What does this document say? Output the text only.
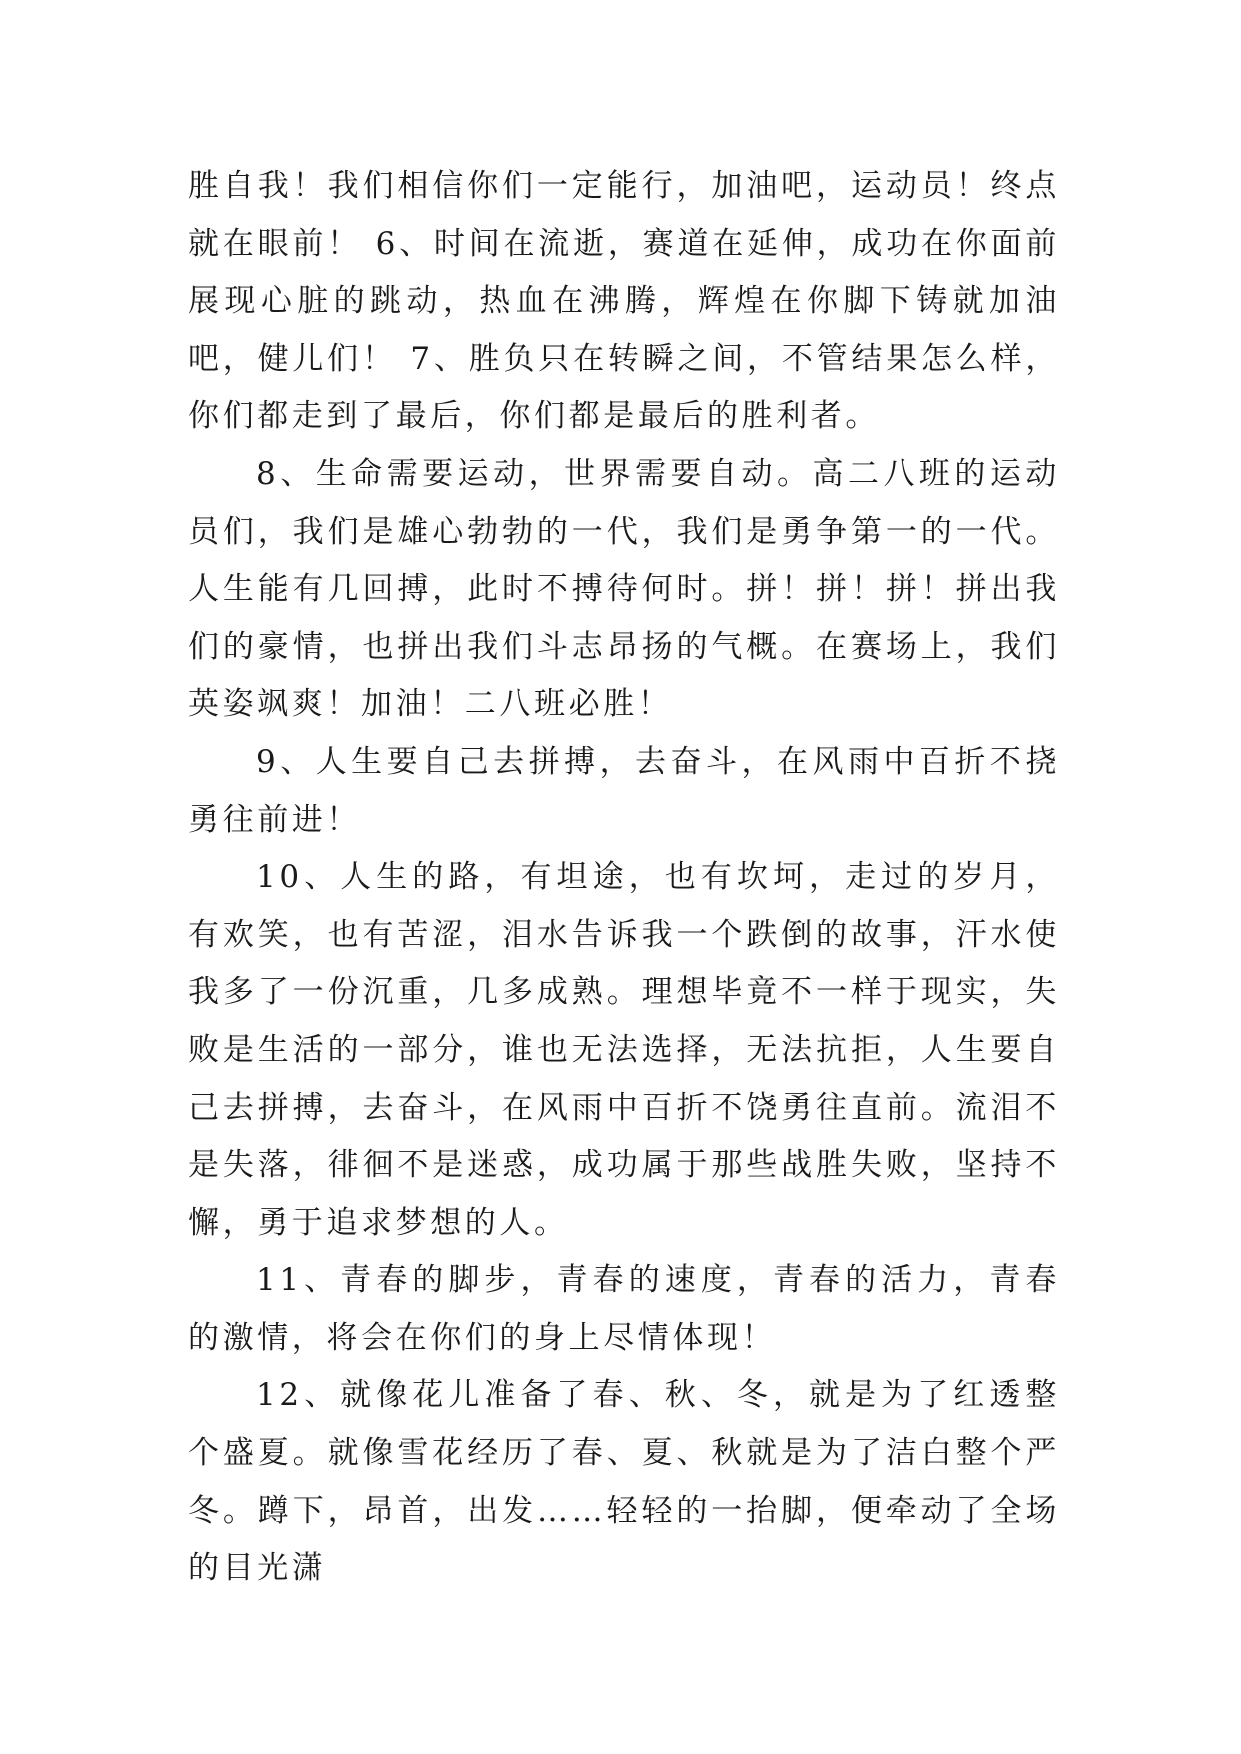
胜自我！我们相信你们一定能行，加油吧，运动员！终点就在眼前！ 6、时间在流逝，赛道在延伸，成功在你面前展现心脏的跳动，热血在沸腾，辉煌在你脚下铸就加油吧，健儿们！ 7、胜负只在转瞬之间，不管结果怎么样，你们都走到了最后，你们都是最后的胜利者。

8、生命需要运动，世界需要自动。高二八班的运动员们，我们是雄心勃勃的一代，我们是勇争第一的一代。人生能有几回搏，此时不搏待何时。拼！拼！拼！拼出我们的豪情，也拼出我们斗志昂扬的气概。在赛场上，我们英姿飒爽！加油！二八班必胜！

9、人生要自己去拼搏，去奋斗，在风雨中百折不挠勇往前进！

10、人生的路，有坦途，也有坎坷，走过的岁月，有欢笑，也有苦涩，泪水告诉我一个跌倒的故事，汗水使我多了一份沉重，几多成熟。理想毕竟不一样于现实，失败是生活的一部分，谁也无法选择，无法抗拒，人生要自己去拼搏，去奋斗，在风雨中百折不饶勇往直前。流泪不是失落，徘徊不是迷惑，成功属于那些战胜失败，坚持不懈，勇于追求梦想的人。

11、青春的脚步，青春的速度，青春的活力，青春的激情，将会在你们的身上尽情体现！

12、就像花儿准备了春、秋、冬，就是为了红透整个盛夏。就像雪花经历了春、夏、秋就是为了洁白整个严冬。蹲下，昂首，出发……轻轻的一抬脚，便牵动了全场的目光潇
